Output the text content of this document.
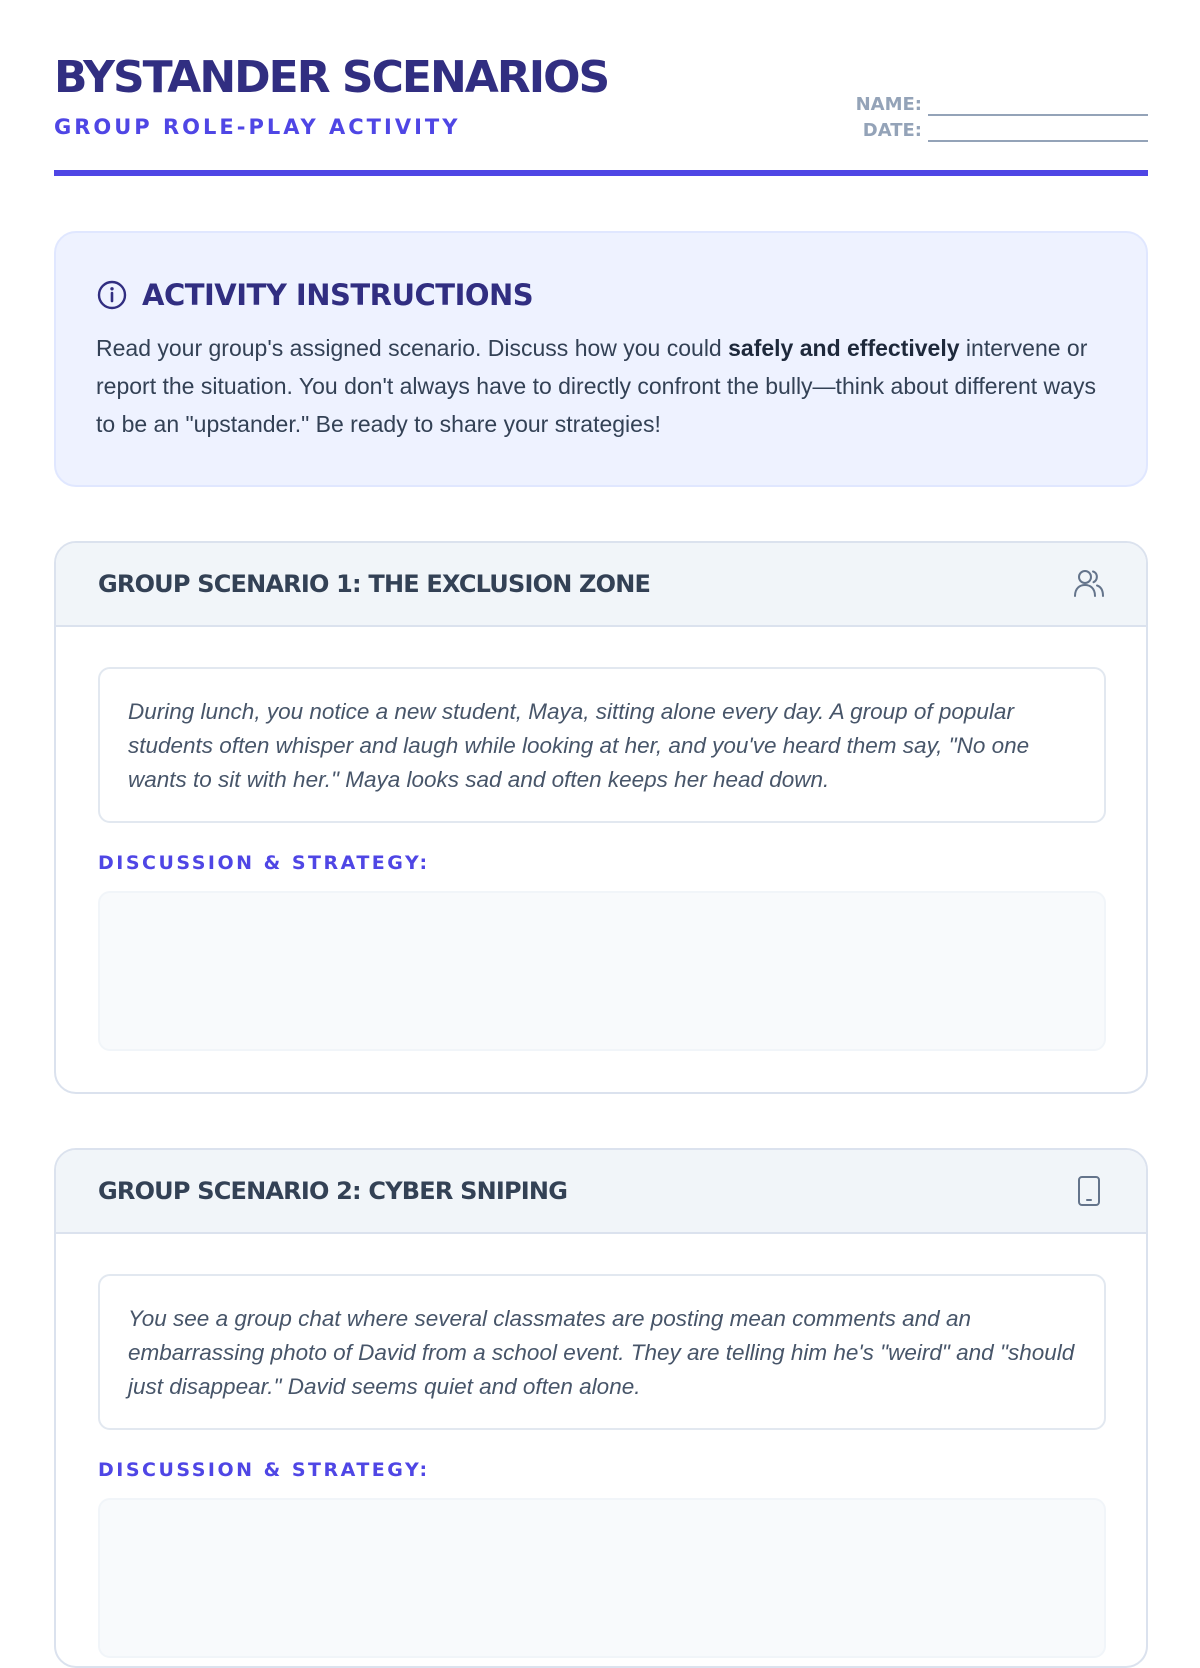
BYSTANDER SCENARIOS
GROUP ROLE-PLAY ACTIVITY
NAME:
DATE:
ACTIVITY INSTRUCTIONS
Read your group's assigned scenario. Discuss how you could safely and effectively intervene or report the situation. You don't always have to directly confront the bully—think about different ways to be an "upstander." Be ready to share your strategies!
GROUP SCENARIO 1: THE EXCLUSION ZONE
During lunch, you notice a new student, Maya, sitting alone every day. A group of popular students often whisper and laugh while looking at her, and you've heard them say, "No one wants to sit with her." Maya looks sad and often keeps her head down.
DISCUSSION & STRATEGY:
GROUP SCENARIO 2: CYBER SNIPING
You see a group chat where several classmates are posting mean comments and an embarrassing photo of David from a school event. They are telling him he's "weird" and "should just disappear." David seems quiet and often alone.
DISCUSSION & STRATEGY:
